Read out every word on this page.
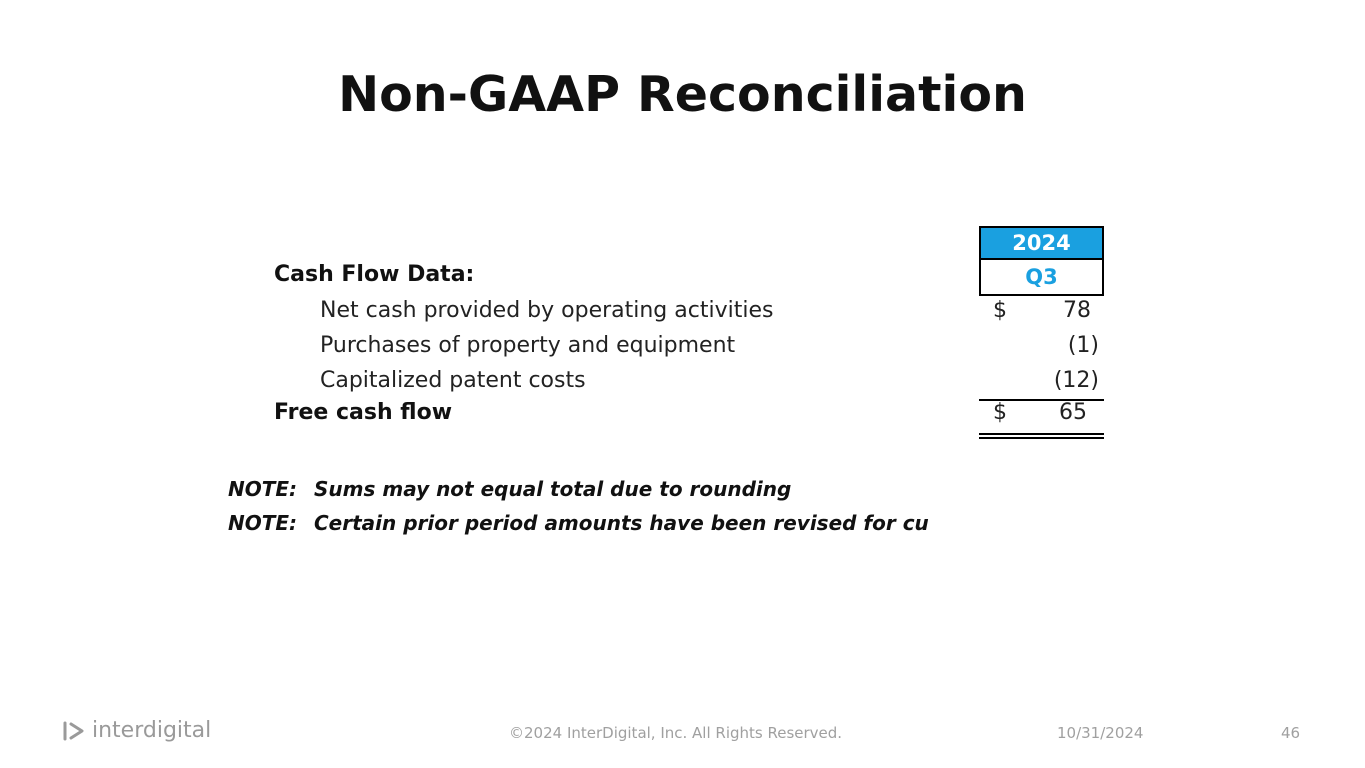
Non-GAAP Reconciliation
2024
Q3
Cash Flow Data:
Net cash provided by operating activities	$	78
Purchases of property and equipment	(1)
Capitalized patent costs	(12)
Free cash flow	$ 65
NOTE: Sums may not equal total due to rounding
NOTE: Certain prior period amounts have been revised for cu
interdigital	©2024 InterDigital, Inc. All Rights Reserved.	10/31/2024	46
